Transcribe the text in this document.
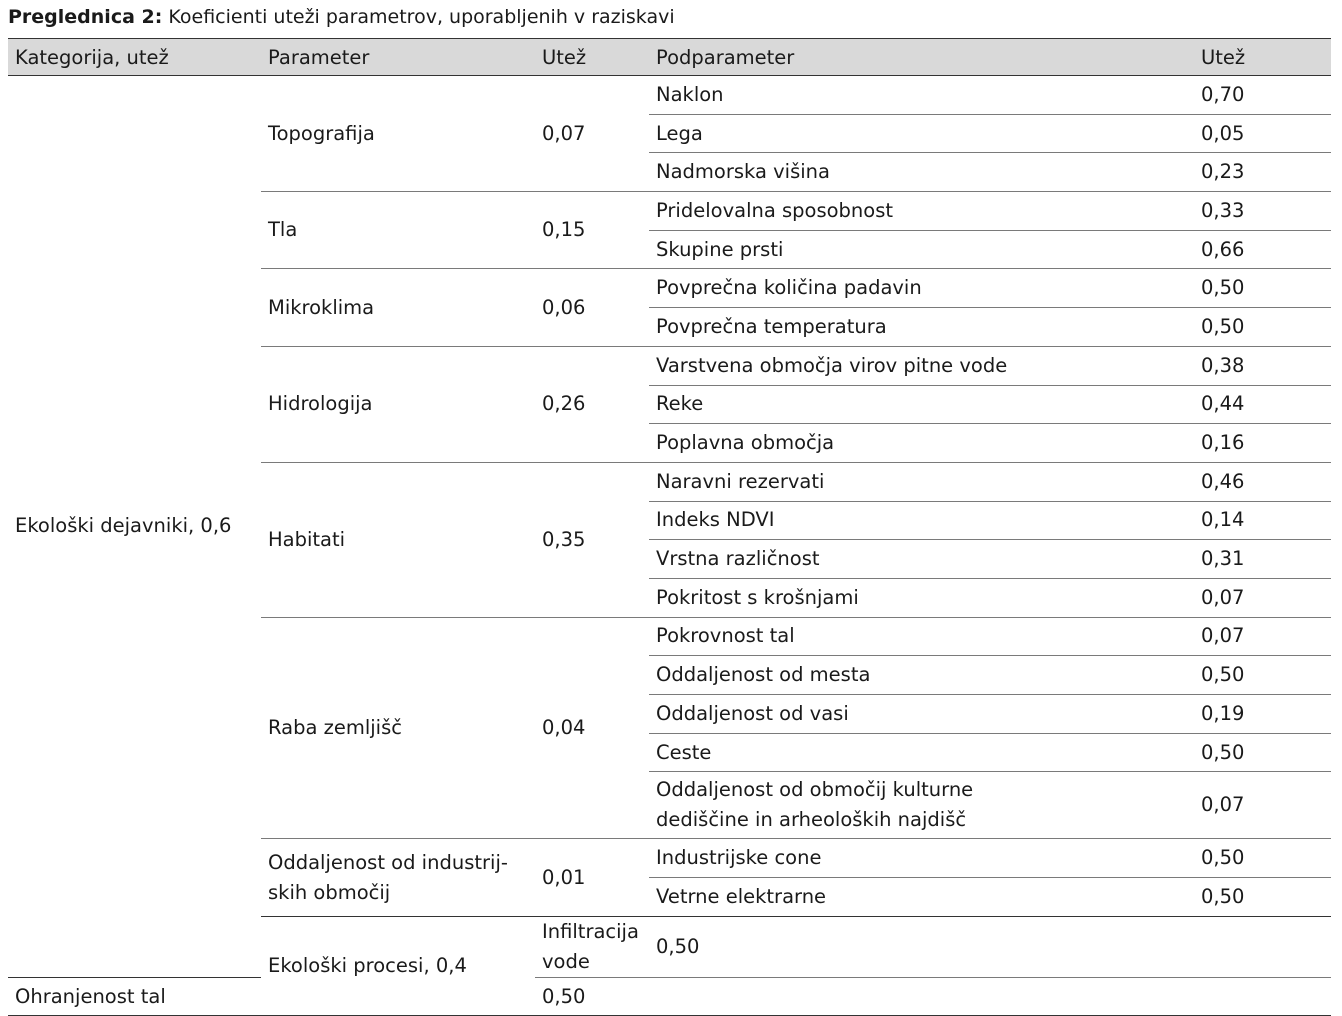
Preglednica 2: Koeficienti uteži parametrov, uporabljenih v raziskavi
Kategorija, utež	Parameter	Utež	Podparameter	Utež	
Ekološki dejavniki, 0,6	Topografija	0,07	Naklon	0,70	
			Lega	0,05	
			Nadmorska višina	0,23	
	Tla	0,15	Pridelovalna sposobnost	0,33	
			Skupine prsti	0,66	
	Mikroklima	0,06	Povprečna količina padavin	0,50	
			Povprečna temperatura	0,50	
	Hidrologija	0,26	Varstvena območja virov pitne vode	0,38	
			Reke	0,44	
			Poplavna območja	0,16	
	Habitati	0,35	Naravni rezervati	0,46	
			Indeks NDVI	0,14	
			Vrstna različnost	0,31	
			Pokritost s krošnjami	0,07	
	Raba zemljišč	0,04	Pokrovnost tal	0,07	
			Oddaljenost od mesta	0,50	
			Oddaljenost od vasi	0,19	
			Ceste	0,50	
			Oddaljenost od območij kulturne dediščine in arheoloških najdišč	0,07	
	Oddaljenost od industrij-skih območij	0,01	Industrijske cone	0,50	
			Vetrne elektrarne	0,50	
	Ekološki procesi, 0,4	Infiltracija vode	0,50		
Ohranjenost tal		0,50			
